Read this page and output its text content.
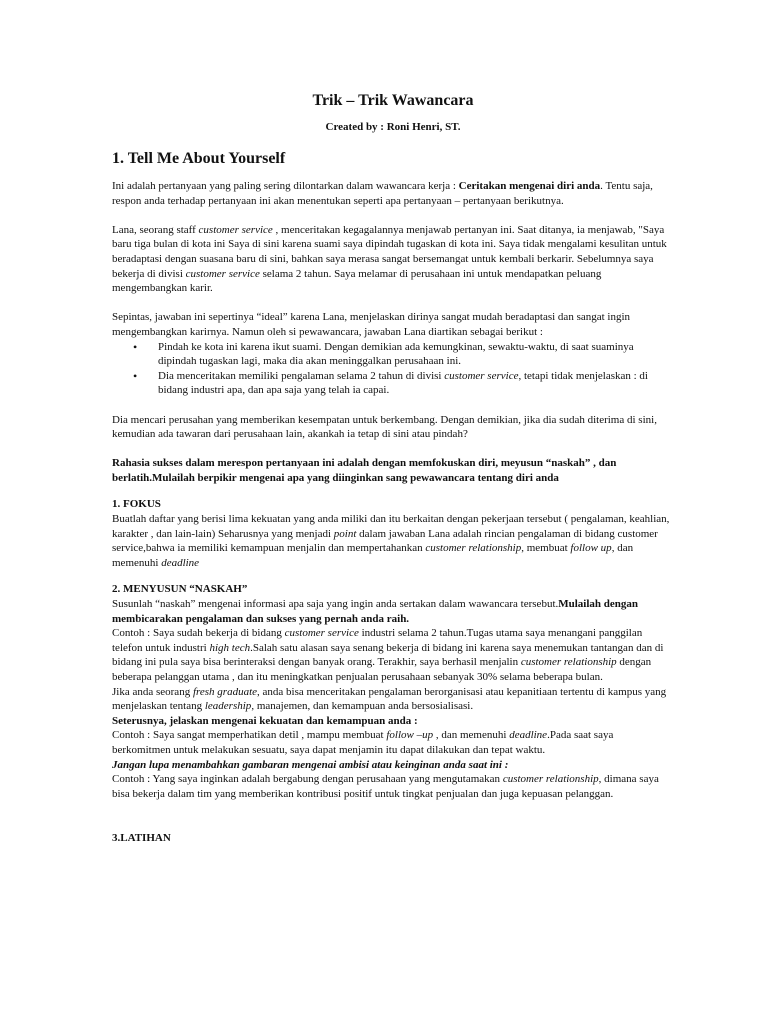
Trik – Trik Wawancara
Created by : Roni Henri, ST.
1. Tell Me About Yourself

Ini adalah pertanyaan yang paling sering dilontarkan dalam wawancara kerja : Ceritakan mengenai diri anda. Tentu saja, respon anda terhadap pertanyaan ini akan menentukan seperti apa pertanyaan – pertanyaan berikutnya.

Lana, seorang staff customer service , menceritakan kegagalannya menjawab pertanyan ini. Saat ditanya, ia menjawab, "Saya baru tiga bulan di kota ini Saya di sini karena suami saya dipindah tugaskan di kota ini. Saya tidak mengalami kesulitan untuk beradaptasi dengan suasana baru di sini, bahkan saya merasa sangat bersemangat untuk kembali berkarir. Sebelumnya saya bekerja di divisi customer service selama 2 tahun. Saya melamar di perusahaan ini untuk mendapatkan peluang mengembangkan karir.

Sepintas, jawaban ini sepertinya “ideal” karena Lana, menjelaskan dirinya sangat mudah beradaptasi dan sangat ingin mengembangkan karirnya. Namun oleh si pewawancara, jawaban Lana diartikan sebagai berikut :

• Pindah ke kota ini karena ikut suami. Dengan demikian ada kemungkinan, sewaktu-waktu, di saat suaminya dipindah tugaskan lagi, maka dia akan meninggalkan perusahaan ini.
• Dia menceritakan memiliki pengalaman selama 2 tahun di divisi customer service, tetapi tidak menjelaskan : di bidang industri apa, dan apa saja yang telah ia capai.

Dia mencari perusahan yang memberikan kesempatan untuk berkembang. Dengan demikian, jika dia sudah diterima di sini, kemudian ada tawaran dari perusahaan lain, akankah ia tetap di sini atau pindah?

Rahasia sukses dalam merespon pertanyaan ini adalah dengan memfokuskan diri, meyusun “naskah” , dan berlatih.Mulailah berpikir mengenai apa yang diinginkan sang pewawancara tentang diri anda

1. FOKUS

Buatlah daftar yang berisi lima kekuatan yang anda miliki dan itu berkaitan dengan pekerjaan tersebut ( pengalaman, keahlian, karakter , dan lain-lain) Seharusnya yang menjadi point dalam jawaban Lana adalah rincian pengalaman di bidang customer service,bahwa ia memiliki kemampuan menjalin dan mempertahankan customer relationship, membuat follow up, dan memenuhi deadline

2. MENYUSUN “NASKAH”

Susunlah “naskah” mengenai informasi apa saja yang ingin anda sertakan dalam wawancara tersebut.Mulailah dengan membicarakan pengalaman dan sukses yang pernah anda raih.

Contoh : Saya sudah bekerja di bidang customer service industri selama 2 tahun.Tugas utama saya menangani panggilan telefon untuk industri high tech.Salah satu alasan saya senang bekerja di bidang ini karena saya menemukan tantangan dan di bidang ini pula saya bisa berinteraksi dengan banyak orang. Terakhir, saya berhasil menjalin customer relationship dengan beberapa pelanggan utama , dan itu meningkatkan penjualan perusahaan sebanyak 30% selama beberapa bulan.

Jika anda seorang fresh graduate, anda bisa menceritakan pengalaman berorganisasi atau kepanitiaan tertentu di kampus yang menjelaskan tentang leadership, manajemen, dan kemampuan anda bersosialisasi.

Seterusnya, jelaskan mengenai kekuatan dan kemampuan anda :

Contoh : Saya sangat memperhatikan detil , mampu membuat follow –up , dan memenuhi deadline.Pada saat saya berkomitmen untuk melakukan sesuatu, saya dapat menjamin itu dapat dilakukan dan tepat waktu.

Jangan lupa menambahkan gambaran mengenai ambisi atau keinginan anda saat ini :

Contoh : Yang saya inginkan adalah bergabung dengan perusahaan yang mengutamakan customer relationship, dimana saya bisa bekerja dalam tim yang memberikan kontribusi positif untuk tingkat penjualan dan juga kepuasan pelanggan.

3.LATIHAN
